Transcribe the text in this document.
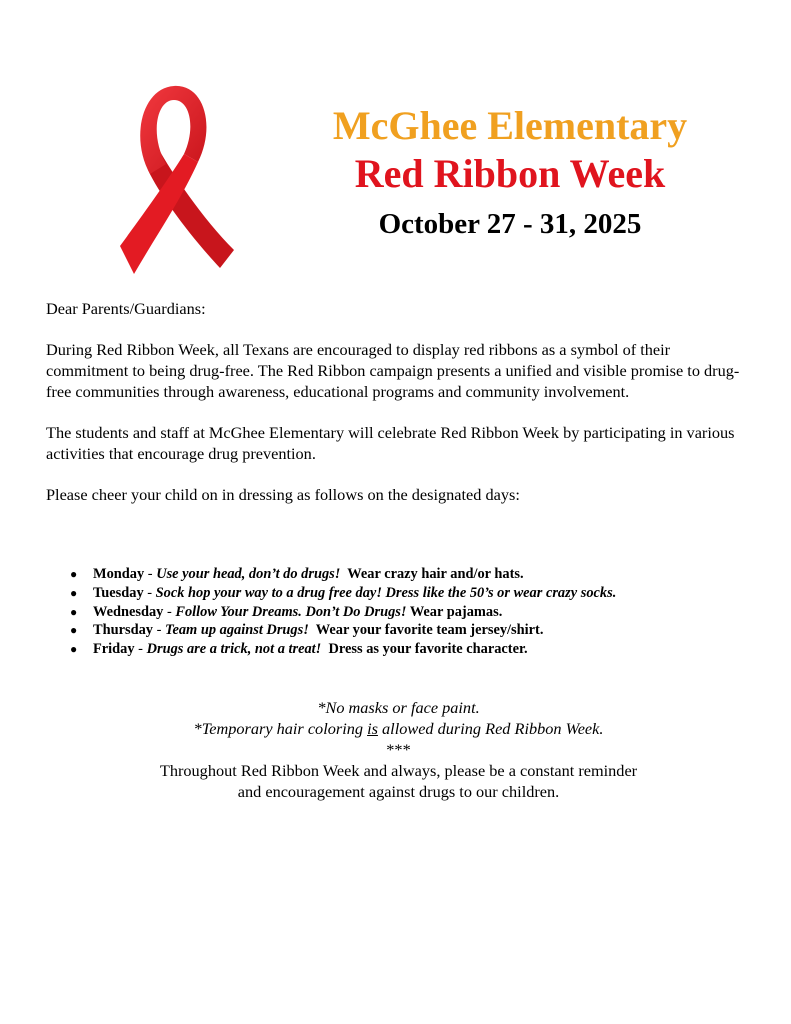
McGhee Elementary
Red Ribbon Week
October 27 - 31, 2025

Dear Parents/Guardians:

During Red Ribbon Week, all Texans are encouraged to display red ribbons as a symbol of their commitment to being drug-free. The Red Ribbon campaign presents a unified and visible promise to drug-free communities through awareness, educational programs and community involvement.

The students and staff at McGhee Elementary will celebrate Red Ribbon Week by participating in various activities that encourage drug prevention.

Please cheer your child on in dressing as follows on the designated days:

● Monday - Use your head, don’t do drugs!  Wear crazy hair and/or hats.
● Tuesday - Sock hop your way to a drug free day! Dress like the 50’s or wear crazy socks.
● Wednesday - Follow Your Dreams. Don’t Do Drugs! Wear pajamas.
● Thursday - Team up against Drugs!  Wear your favorite team jersey/shirt.
● Friday - Drugs are a trick, not a treat!  Dress as your favorite character.
*No masks or face paint.
*Temporary hair coloring is allowed during Red Ribbon Week.
***
Throughout Red Ribbon Week and always, please be a constant reminder
and encouragement against drugs to our children.
